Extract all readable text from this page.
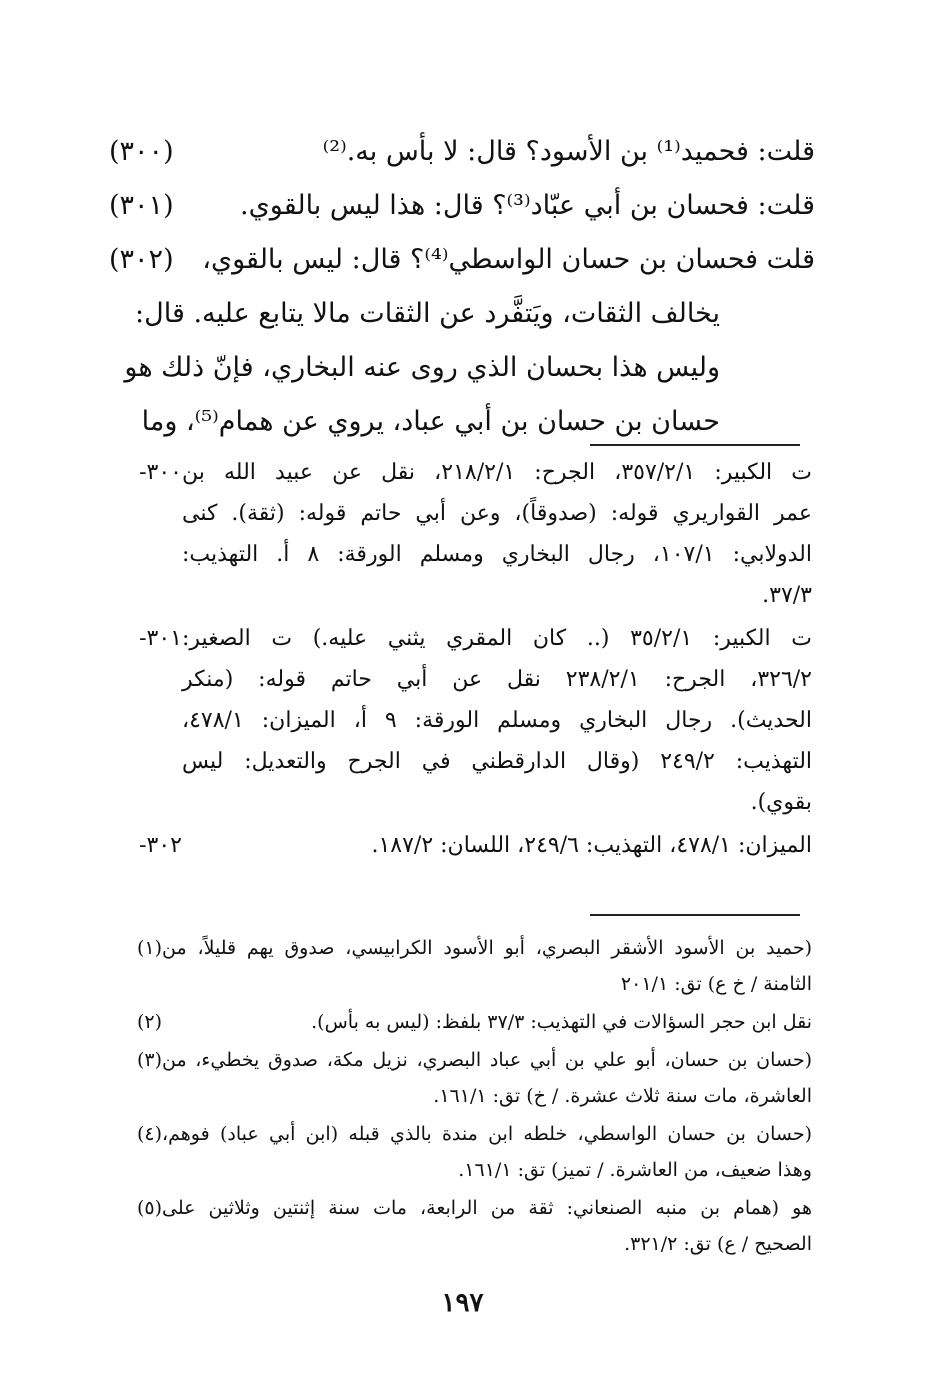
(٣٠٠)	قلت: فحميد⁽¹⁾ بن الأسود؟ قال: لا بأس به.⁽²⁾
(٣٠١)	قلت: فحسان بن أبي عبّاد⁽³⁾؟ قال: هذا ليس بالقوي.
(٣٠٢)	قلت فحسان بن حسان الواسطي⁽⁴⁾؟ قال: ليس بالقوي،
يخالف الثقات، ويَتفَّرد عن الثقات مالا يتابع عليه. قال:
وليس هذا بحسان الذي روى عنه البخاري، فإنّ ذلك هو
حسان بن حسان بن أبي عباد، يروي عن همام⁽⁵⁾، وما
٣٠٠- ت الكبير: ٣٥٧/٢/١، الجرح: ٢١٨/٢/١، نقل عن عبيد الله بن
عمر القواريري قوله: (صدوقاً)، وعن أبي حاتم قوله: (ثقة). كنى
الدولابي: ١٠٧/١، رجال البخاري ومسلم الورقة: ٨ أ. التهذيب:
٣٧/٣.
٣٠١- ت الكبير: ٣٥/٢/١ (.. كان المقري يثني عليه.) ت الصغير:
٣٢٦/٢، الجرح: ٢٣٨/٢/١ نقل عن أبي حاتم قوله: (منكر
الحديث). رجال البخاري ومسلم الورقة: ٩ أ، الميزان: ٤٧٨/١،
التهذيب: ٢٤٩/٢ (وقال الدارقطني في الجرح والتعديل: ليس
بقوي).
٣٠٢-	الميزان: ٤٧٨/١، التهذيب: ٢٤٩/٦، اللسان: ١٨٧/٢.
(١) (حميد بن الأسود الأشقر البصري، أبو الأسود الكرابيسي، صدوق يهم قليلاً، من
الثامنة / خ ع) تق: ٢٠١/١
(٢)	نقل ابن حجر السؤالات في التهذيب: ٣٧/٣ بلفظ: (ليس به بأس).
(٣) (حسان بن حسان، أبو علي بن أبي عباد البصري، نزيل مكة، صدوق يخطيء، من
العاشرة، مات سنة ثلاث عشرة. / خ) تق: ١٦١/١.
(٤) (حسان بن حسان الواسطي، خلطه ابن مندة بالذي قبله (ابن أبي عباد) فوهم،
وهذا ضعيف، من العاشرة. / تميز) تق: ١٦١/١.
(٥) هو (همام بن منبه الصنعاني: ثقة من الرابعة، مات سنة إثنتين وثلاثين على
الصحيح / ع) تق: ٣٢١/٢.
١٩٧
